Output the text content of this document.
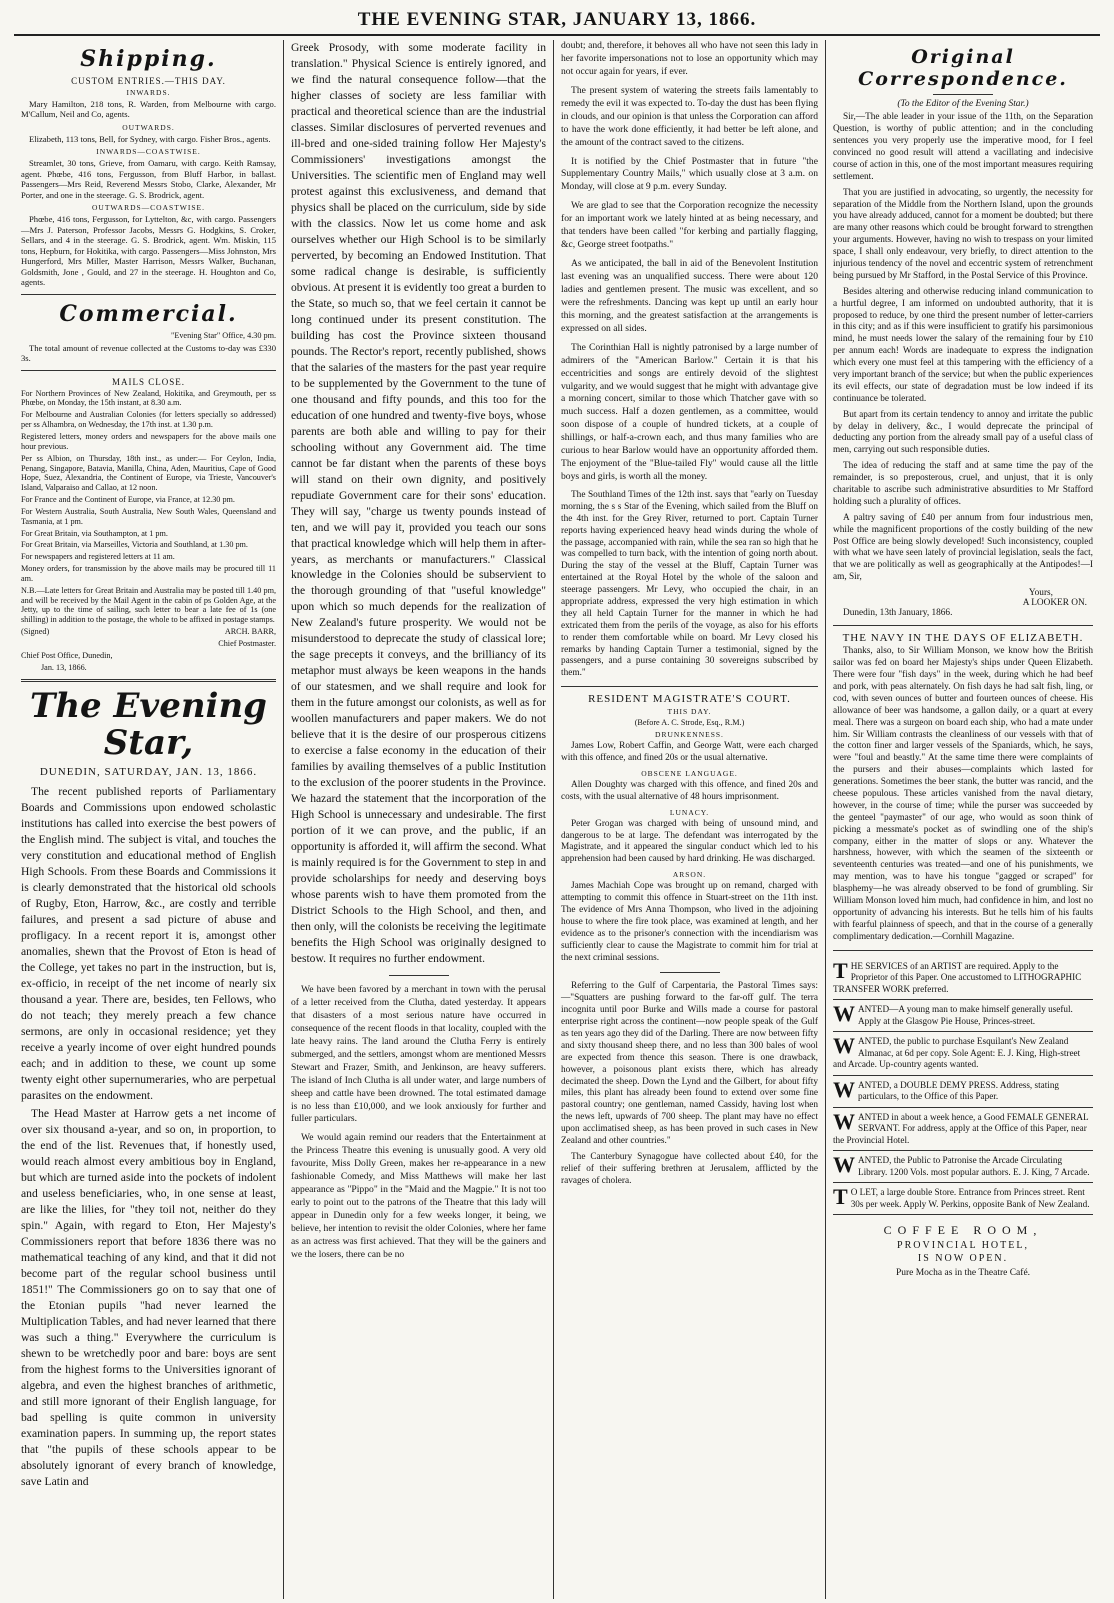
THE EVENING STAR, JANUARY 13, 1866.
Shipping.
CUSTOM ENTRIES.—THIS DAY.
INWARDS.

Mary Hamilton, 218 tons, R. Warden, from Melbourne with cargo. M'Callum, Neil and Co, agents.

OUTWARDS.

Elizabeth, 113 tons, Bell, for Sydney, with cargo. Fisher Bros., agents.

INWARDS—COASTWISE.

Streamlet, 30 tons, Grieve, from Oamaru, with cargo. Keith Ramsay, agent. Phœbe, 416 tons, Fergusson, from Bluff Harbor, in ballast. Passengers—Mrs Reid, Reverend Messrs Stobo, Clarke, Alexander, Mr Porter, and one in the steerage. G. S. Brodrick, agent.

OUTWARDS—COASTWISE.

Phœbe, 416 tons, Fergusson, for Lyttelton, &c, with cargo. Passengers—Mrs J. Paterson, Professor Jacobs, Messrs G. Hodgkins, S. Croker, Sellars, and 4 in the steerage. G. S. Brodrick, agent. Wm. Miskin, 115 tons, Hepburn, for Hokitika, with cargo. Passengers—Miss Johnston, Mrs Hungerford, Mrs Miller, Master Harrison, Messrs Walker, Buchanan, Goldsmith, Jone , Gould, and 27 in the steerage. H. Houghton and Co, agents.

Commercial.
"Evening Star" Office, 4.30 pm.

The total amount of revenue collected at the Customs to-day was £330 3s.

MAILS CLOSE.

For Northern Provinces of New Zealand, Hokitika, and Greymouth, per ss Phœbe, on Monday, the 15th instant, at 8.30 a.m.

For Melbourne and Australian Colonies (for letters specially so addressed) per ss Alhambra, on Wednesday, the 17th inst. at 1.30 p.m.

Registered letters, money orders and newspapers for the above mails one hour previous.

Per ss Albion, on Thursday, 18th inst., as under:— For Ceylon, India, Penang, Singapore, Batavia, Manilla, China, Aden, Mauritius, Cape of Good Hope, Suez, Alexandria, the Continent of Europe, via Trieste, Vancouver's Island, Valparaiso and Callao, at 12 noon.

For France and the Continent of Europe, via France, at 12.30 pm.

For Western Australia, South Australia, New South Wales, Queensland and Tasmania, at 1 pm.

For Great Britain, via Southampton, at 1 pm.

For Great Britain, via Marseilles, Victoria and Southland, at 1.30 pm.

For newspapers and registered letters at 11 am.

Money orders, for transmission by the above mails may be procured till 11 am.

N.B.—Late letters for Great Britain and Australia may be posted till 1.40 pm, and will be received by the Mail Agent in the cabin of ps Golden Age, at the Jetty, up to the time of sailing, such letter to bear a late fee of 1s (one shilling) in addition to the postage, the whole to be affixed in postage stamps.

(Signed)	ARCH. BARR,
Chief Postmaster.
Chief Post Office, Dunedin,
Jan. 13, 1866.
The Evening Star,
DUNEDIN, SATURDAY, JAN. 13, 1866.

The recent published reports of Parliamentary Boards and Commissions upon endowed scholastic institutions has called into exercise the best powers of the English mind. The subject is vital, and touches the very constitution and educational method of English High Schools. From these Boards and Commissions it is clearly demonstrated that the historical old schools of Rugby, Eton, Harrow, &c., are costly and terrible failures, and present a sad picture of abuse and profligacy. In a recent report it is, amongst other anomalies, shewn that the Provost of Eton is head of the College, yet takes no part in the instruction, but is, ex-officio, in receipt of the net income of nearly six thousand a year. There are, besides, ten Fellows, who do not teach; they merely preach a few chance sermons, are only in occasional residence; yet they receive a yearly income of over eight hundred pounds each; and in addition to these, we count up some twenty eight other supernumeraries, who are perpetual parasites on the endowment.

The Head Master at Harrow gets a net income of over six thousand a-year, and so on, in proportion, to the end of the list. Revenues that, if honestly used, would reach almost every ambitious boy in England, but which are turned aside into the pockets of indolent and useless beneficiaries, who, in one sense at least, are like the lilies, for "they toil not, neither do they spin." Again, with regard to Eton, Her Majesty's Commissioners report that before 1836 there was no mathematical teaching of any kind, and that it did not become part of the regular school business until 1851!" The Commissioners go on to say that one of the Etonian pupils "had never learned the Multiplication Tables, and had never learned that there was such a thing." Everywhere the curriculum is shewn to be wretchedly poor and bare: boys are sent from the highest forms to the Universities ignorant of algebra, and even the highest branches of arithmetic, and still more ignorant of their English language, for bad spelling is quite common in university examination papers. In summing up, the report states that "the pupils of these schools appear to be absolutely ignorant of every branch of knowledge, save Latin and

Greek Prosody, with some moderate facility in translation." Physical Science is entirely ignored, and we find the natural consequence follow—that the higher classes of society are less familiar with practical and theoretical science than are the industrial classes. Similar disclosures of perverted revenues and ill-bred and one-sided training follow Her Majesty's Commissioners' investigations amongst the Universities. The scientific men of England may well protest against this exclusiveness, and demand that physics shall be placed on the curriculum, side by side with the classics. Now let us come home and ask ourselves whether our High School is to be similarly perverted, by becoming an Endowed Institution. That some radical change is desirable, is sufficiently obvious. At present it is evidently too great a burden to the State, so much so, that we feel certain it cannot be long continued under its present constitution. The building has cost the Province sixteen thousand pounds. The Rector's report, recently published, shows that the salaries of the masters for the past year require to be supplemented by the Government to the tune of one thousand and fifty pounds, and this too for the education of one hundred and twenty-five boys, whose parents are both able and willing to pay for their schooling without any Government aid. The time cannot be far distant when the parents of these boys will stand on their own dignity, and positively repudiate Government care for their sons' education. They will say, "charge us twenty pounds instead of ten, and we will pay it, provided you teach our sons that practical knowledge which will help them in after-years, as merchants or manufacturers." Classical knowledge in the Colonies should be subservient to the thorough grounding of that "useful knowledge" upon which so much depends for the realization of New Zealand's future prosperity. We would not be misunderstood to deprecate the study of classical lore; the sage precepts it conveys, and the brilliancy of its metaphor must always be keen weapons in the hands of our statesmen, and we shall require and look for them in the future amongst our colonists, as well as for woollen manufacturers and paper makers. We do not believe that it is the desire of our prosperous citizens to exercise a false economy in the education of their families by availing themselves of a public Institution to the exclusion of the poorer students in the Province. We hazard the statement that the incorporation of the High School is unnecessary and undesirable. The first portion of it we can prove, and the public, if an opportunity is afforded it, will affirm the second. What is mainly required is for the Government to step in and provide scholarships for needy and deserving boys whose parents wish to have them promoted from the District Schools to the High School, and then, and then only, will the colonists be receiving the legitimate benefits the High School was originally designed to bestow. It requires no further endowment.

We have been favored by a merchant in town with the perusal of a letter received from the Clutha, dated yesterday. It appears that disasters of a most serious nature have occurred in consequence of the recent floods in that locality, coupled with the late heavy rains. The land around the Clutha Ferry is entirely submerged, and the settlers, amongst whom are mentioned Messrs Stewart and Frazer, Smith, and Jenkinson, are heavy sufferers. The island of Inch Clutha is all under water, and large numbers of sheep and cattle have been drowned. The total estimated damage is no less than £10,000, and we look anxiously for further and fuller particulars.

We would again remind our readers that the Entertainment at the Princess Theatre this evening is unusually good. A very old favourite, Miss Dolly Green, makes her re-appearance in a new fashionable Comedy, and Miss Matthews will make her last appearance as "Pippo" in the "Maid and the Magpie." It is not too early to point out to the patrons of the Theatre that this lady will appear in Dunedin only for a few weeks longer, it being, we believe, her intention to revisit the older Colonies, where her fame as an actress was first achieved. That they will be the gainers and we the losers, there can be no

doubt; and, therefore, it behoves all who have not seen this lady in her favorite impersonations not to lose an opportunity which may not occur again for years, if ever.

The present system of watering the streets fails lamentably to remedy the evil it was expected to. To-day the dust has been flying in clouds, and our opinion is that unless the Corporation can afford to have the work done efficiently, it had better be left alone, and the amount of the contract saved to the citizens.

It is notified by the Chief Postmaster that in future "the Supplementary Country Mails," which usually close at 3 a.m. on Monday, will close at 9 p.m. every Sunday.

We are glad to see that the Corporation recognize the necessity for an important work we lately hinted at as being necessary, and that tenders have been called "for kerbing and partially flagging, &c, George street footpaths."

As we anticipated, the ball in aid of the Benevolent Institution last evening was an unqualified success. There were about 120 ladies and gentlemen present. The music was excellent, and so were the refreshments. Dancing was kept up until an early hour this morning, and the greatest satisfaction at the arrangements is expressed on all sides.

The Corinthian Hall is nightly patronised by a large number of admirers of the "American Barlow." Certain it is that his eccentricities and songs are entirely devoid of the slightest vulgarity, and we would suggest that he might with advantage give a morning concert, similar to those which Thatcher gave with so much success. Half a dozen gentlemen, as a committee, would soon dispose of a couple of hundred tickets, at a couple of shillings, or half-a-crown each, and thus many families who are curious to hear Barlow would have an opportunity afforded them. The enjoyment of the "Blue-tailed Fly" would cause all the little boys and girls, is worth all the money.

The Southland Times of the 12th inst. says that "early on Tuesday morning, the s s Star of the Evening, which sailed from the Bluff on the 4th inst. for the Grey River, returned to port. Captain Turner reports having experienced heavy head winds during the whole of the passage, accompanied with rain, while the sea ran so high that he was compelled to turn back, with the intention of going north about. During the stay of the vessel at the Bluff, Captain Turner was entertained at the Royal Hotel by the whole of the saloon and steerage passengers. Mr Levy, who occupied the chair, in an appropriate address, expressed the very high estimation in which they all held Captain Turner for the manner in which he had extricated them from the perils of the voyage, as also for his efforts to render them comfortable while on board. Mr Levy closed his remarks by handing Captain Turner a testimonial, signed by the passengers, and a purse containing 30 sovereigns subscribed by them."

RESIDENT MAGISTRATE'S COURT.
THIS DAY.
(Before A. C. Strode, Esq., R.M.)
DRUNKENNESS.

James Low, Robert Caffin, and George Watt, were each charged with this offence, and fined 20s or the usual alternative.

OBSCENE LANGUAGE.

Allen Doughty was charged with this offence, and fined 20s and costs, with the usual alternative of 48 hours imprisonment.

LUNACY.

Peter Grogan was charged with being of unsound mind, and dangerous to be at large. The defendant was interrogated by the Magistrate, and it appeared the singular conduct which led to his apprehension had been caused by hard drinking. He was discharged.

ARSON.

James Machiah Cope was brought up on remand, charged with attempting to commit this offence in Stuart-street on the 11th inst. The evidence of Mrs Anna Thompson, who lived in the adjoining house to where the fire took place, was examined at length, and her evidence as to the prisoner's connection with the incendiarism was sufficiently clear to cause the Magistrate to commit him for trial at the next criminal sessions.

Referring to the Gulf of Carpentaria, the Pastoral Times says:—"Squatters are pushing forward to the far-off gulf. The terra incognita until poor Burke and Wills made a course for pastoral enterprise right across the continent—now people speak of the Gulf as ten years ago they did of the Darling. There are now between fifty and sixty thousand sheep there, and no less than 300 bales of wool are expected from thence this season. There is one drawback, however, a poisonous plant exists there, which has already decimated the sheep. Down the Lynd and the Gilbert, for about fifty miles, this plant has already been found to extend over some fine pastoral country; one gentleman, named Cassidy, having lost when the news left, upwards of 700 sheep. The plant may have no effect upon acclimatised sheep, as has been proved in such cases in New Zealand and other countries."

The Canterbury Synagogue have collected about £40, for the relief of their suffering brethren at Jerusalem, afflicted by the ravages of cholera.

Original Correspondence.
(To the Editor of the Evening Star.)

Sir,—The able leader in your issue of the 11th, on the Separation Question, is worthy of public attention; and in the concluding sentences you very properly use the imperative mood, for I feel convinced no good result will attend a vacillating and indecisive course of action in this, one of the most important measures requiring settlement.

That you are justified in advocating, so urgently, the necessity for separation of the Middle from the Northern Island, upon the grounds you have already adduced, cannot for a moment be doubted; but there are many other reasons which could be brought forward to strengthen your arguments. However, having no wish to trespass on your limited space, I shall only endeavour, very briefly, to direct attention to the injurious tendency of the novel and eccentric system of retrenchment being pursued by Mr Stafford, in the Postal Service of this Province.

Besides altering and otherwise reducing inland communication to a hurtful degree, I am informed on undoubted authority, that it is proposed to reduce, by one third the present number of letter-carriers in this city; and as if this were insufficient to gratify his parsimonious mind, he must needs lower the salary of the remaining four by £10 per annum each! Words are inadequate to express the indignation which every one must feel at this tampering with the efficiency of a very important branch of the service; but when the public experiences its evil effects, our state of degradation must be low indeed if its continuance be tolerated.

But apart from its certain tendency to annoy and irritate the public by delay in delivery, &c., I would deprecate the principal of deducting any portion from the already small pay of a useful class of men, carrying out such responsible duties.

The idea of reducing the staff and at same time the pay of the remainder, is so preposterous, cruel, and unjust, that it is only charitable to ascribe such administrative absurdities to Mr Stafford holding such a plurality of offices.

A paltry saving of £40 per annum from four industrious men, while the magnificent proportions of the costly building of the new Post Office are being slowly developed! Such inconsistency, coupled with what we have seen lately of provincial legislation, seals the fact, that we are politically as well as geographically at the Antipodes!—I am, Sir,

Yours,
A LOOKER ON.
Dunedin, 13th January, 1866.
THE NAVY IN THE DAYS OF ELIZABETH.

Thanks, also, to Sir William Monson, we know how the British sailor was fed on board her Majesty's ships under Queen Elizabeth. There were four "fish days" in the week, during which he had beef and pork, with peas alternately. On fish days he had salt fish, ling, or cod, with seven ounces of butter and fourteen ounces of cheese. His allowance of beer was handsome, a gallon daily, or a quart at every meal. There was a surgeon on board each ship, who had a mate under him. Sir William contrasts the cleanliness of our vessels with that of the cotton finer and larger vessels of the Spaniards, which, he says, were "foul and beastly." At the same time there were complaints of the pursers and their abuses—complaints which lasted for generations. Sometimes the beer stank, the butter was rancid, and the cheese populous. These articles vanished from the naval dietary, however, in the course of time; while the purser was succeeded by the genteel "paymaster" of our age, who would as soon think of picking a messmate's pocket as of swindling one of the ship's company, either in the matter of slops or any. Whatever the harshness, however, with which the seamen of the sixteenth or seventeenth centuries was treated—and one of his punishments, we may mention, was to have his tongue "gagged or scraped" for blasphemy—he was already observed to be fond of grumbling. Sir William Monson loved him much, had confidence in him, and lost no opportunity of advancing his interests. But he tells him of his faults with fearful plainness of speech, and that in the course of a generally complimentary dedication.—Cornhill Magazine.

THE SERVICES of an ARTIST are required. Apply to the Proprietor of this Paper. One accustomed to LITHOGRAPHIC TRANSFER WORK preferred.
WANTED—A young man to make himself generally useful. Apply at the Glasgow Pie House, Princes-street.
WANTED, the public to purchase Esquilant's New Zealand Almanac, at 6d per copy. Sole Agent: E. J. King, High-street and Arcade. Up-country agents wanted.
WANTED, a DOUBLE DEMY PRESS. Address, stating particulars, to the Office of this Paper.
WANTED in about a week hence, a Good FEMALE GENERAL SERVANT. For address, apply at the Office of this Paper, near the Provincial Hotel.
WANTED, the Public to Patronise the Arcade Circulating Library. 1200 Vols. most popular authors. E. J. King, 7 Arcade.
T O LET, a large double Store. Entrance from Princes street. Rent 30s per week. Apply W. Perkins, opposite Bank of New Zealand.
COFFEE ROOM,
PROVINCIAL HOTEL,
IS NOW OPEN.
Pure Mocha as in the Theatre Café.
